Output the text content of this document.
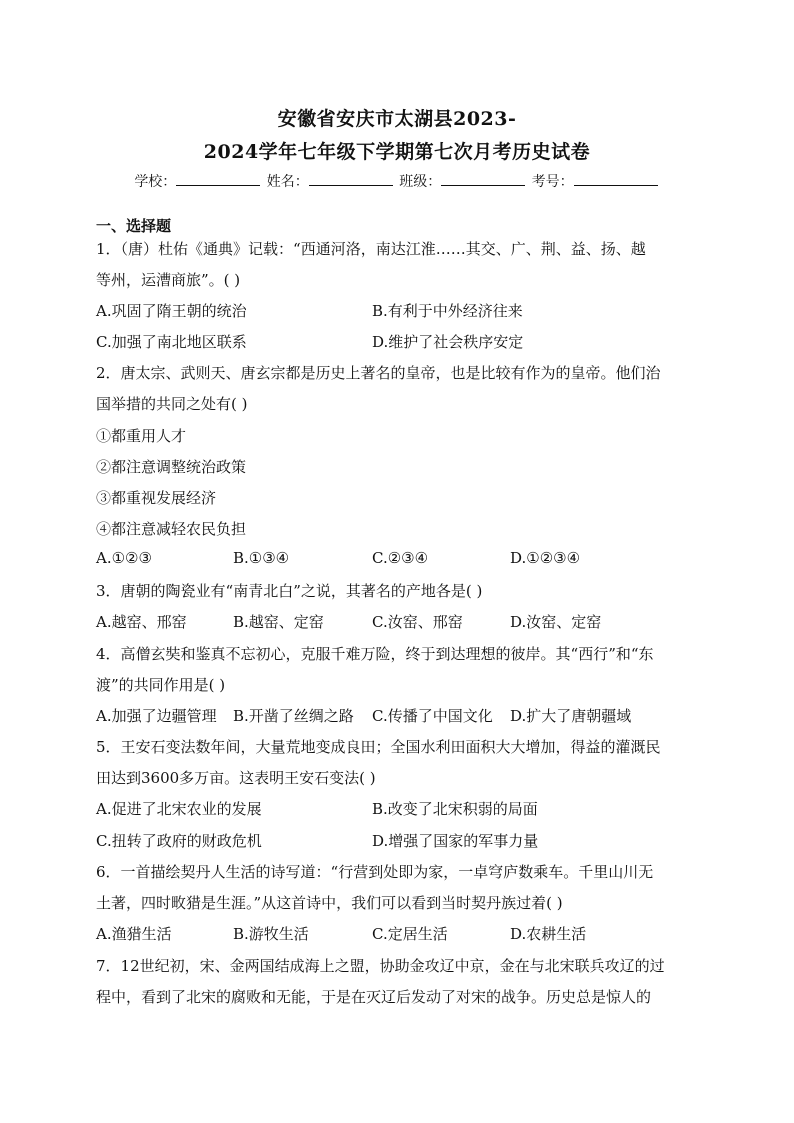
安徽省安庆市太湖县2023-
2024学年七年级下学期第七次月考历史试卷
学校：	姓名：	班级：	考号：
一、选择题
1．（唐）杜佑《通典》记载：“西通河洛，南达江淮……其交、广、荆、益、扬、越
等州，运漕商旅”。( )
A.巩固了隋王朝的统治	B.有利于中外经济往来
C.加强了南北地区联系	D.维护了社会秩序安定
2．唐太宗、武则天、唐玄宗都是历史上著名的皇帝，也是比较有作为的皇帝。他们治
国举措的共同之处有( )
①都重用人才
②都注意调整统治政策
③都重视发展经济
④都注意减轻农民负担
A.①②③	B.①③④	C.②③④	D.①②③④
3．唐朝的陶瓷业有“南青北白”之说，其著名的产地各是( )
A.越窑、邢窑	B.越窑、定窑	C.汝窑、邢窑	D.汝窑、定窑
4．高僧玄奘和鉴真不忘初心，克服千难万险，终于到达理想的彼岸。其“西行”和“东
渡”的共同作用是( )
A.加强了边疆管理 B.开凿了丝绸之路 C.传播了中国文化 D.扩大了唐朝疆域
5．王安石变法数年间，大量荒地变成良田；全国水利田面积大大增加，得益的灌溉民
田达到3600多万亩。这表明王安石变法( )
A.促进了北宋农业的发展	B.改变了北宋积弱的局面
C.扭转了政府的财政危机	D.增强了国家的军事力量
6．一首描绘契丹人生活的诗写道：“行营到处即为家，一卓穹庐数乘车。千里山川无
土著，四时畋猎是生涯。”从这首诗中，我们可以看到当时契丹族过着( )
A.渔猎生活	B.游牧生活	C.定居生活	D.农耕生活
7．12世纪初，宋、金两国结成海上之盟，协助金攻辽中京，金在与北宋联兵攻辽的过
程中，看到了北宋的腐败和无能，于是在灭辽后发动了对宋的战争。历史总是惊人的
